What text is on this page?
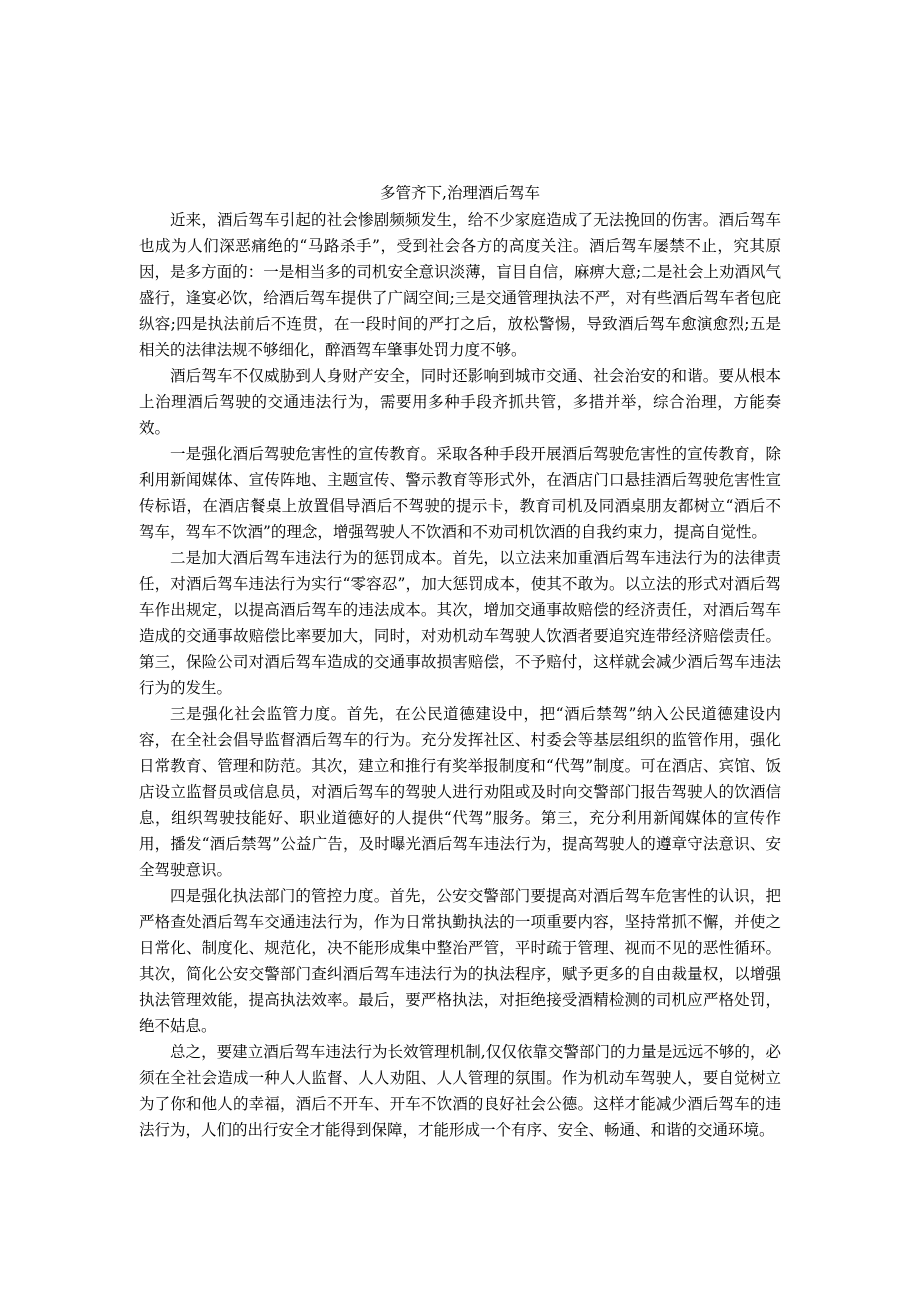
多管齐下,治理酒后驾车

近来，酒后驾车引起的社会惨剧频频发生，给不少家庭造成了无法挽回的伤害。酒后驾车也成为人们深恶痛绝的“马路杀手”，受到社会各方的高度关注。酒后驾车屡禁不止，究其原因，是多方面的：一是相当多的司机安全意识淡薄，盲目自信，麻痹大意;二是社会上劝酒风气盛行，逢宴必饮，给酒后驾车提供了广阔空间;三是交通管理执法不严，对有些酒后驾车者包庇纵容;四是执法前后不连贯，在一段时间的严打之后，放松警惕，导致酒后驾车愈演愈烈;五是相关的法律法规不够细化，醉酒驾车肇事处罚力度不够。

酒后驾车不仅威胁到人身财产安全，同时还影响到城市交通、社会治安的和谐。要从根本上治理酒后驾驶的交通违法行为，需要用多种手段齐抓共管，多措并举，综合治理，方能奏效。

一是强化酒后驾驶危害性的宣传教育。采取各种手段开展酒后驾驶危害性的宣传教育，除利用新闻媒体、宣传阵地、主题宣传、警示教育等形式外，在酒店门口悬挂酒后驾驶危害性宣传标语，在酒店餐桌上放置倡导酒后不驾驶的提示卡，教育司机及同酒桌朋友都树立“酒后不驾车，驾车不饮酒”的理念，增强驾驶人不饮酒和不劝司机饮酒的自我约束力，提高自觉性。

二是加大酒后驾车违法行为的惩罚成本。首先，以立法来加重酒后驾车违法行为的法律责任，对酒后驾车违法行为实行“零容忍”，加大惩罚成本，使其不敢为。以立法的形式对酒后驾车作出规定，以提高酒后驾车的违法成本。其次，增加交通事故赔偿的经济责任，对酒后驾车造成的交通事故赔偿比率要加大，同时，对劝机动车驾驶人饮酒者要追究连带经济赔偿责任。第三，保险公司对酒后驾车造成的交通事故损害赔偿，不予赔付，这样就会减少酒后驾车违法行为的发生。

三是强化社会监管力度。首先，在公民道德建设中，把“酒后禁驾”纳入公民道德建设内容，在全社会倡导监督酒后驾车的行为。充分发挥社区、村委会等基层组织的监管作用，强化日常教育、管理和防范。其次，建立和推行有奖举报制度和“代驾”制度。可在酒店、宾馆、饭店设立监督员或信息员，对酒后驾车的驾驶人进行劝阻或及时向交警部门报告驾驶人的饮酒信息，组织驾驶技能好、职业道德好的人提供“代驾”服务。第三，充分利用新闻媒体的宣传作用，播发“酒后禁驾”公益广告，及时曝光酒后驾车违法行为，提高驾驶人的遵章守法意识、安全驾驶意识。

四是强化执法部门的管控力度。首先，公安交警部门要提高对酒后驾车危害性的认识，把严格查处酒后驾车交通违法行为，作为日常执勤执法的一项重要内容，坚持常抓不懈，并使之日常化、制度化、规范化，决不能形成集中整治严管，平时疏于管理、视而不见的恶性循环。其次，简化公安交警部门查纠酒后驾车违法行为的执法程序，赋予更多的自由裁量权，以增强执法管理效能，提高执法效率。最后，要严格执法，对拒绝接受酒精检测的司机应严格处罚，绝不姑息。

总之，要建立酒后驾车违法行为长效管理机制,仅仅依靠交警部门的力量是远远不够的，必须在全社会造成一种人人监督、人人劝阻、人人管理的氛围。作为机动车驾驶人，要自觉树立为了你和他人的幸福，酒后不开车、开车不饮酒的良好社会公德。这样才能减少酒后驾车的违法行为，人们的出行安全才能得到保障，才能形成一个有序、安全、畅通、和谐的交通环境。
